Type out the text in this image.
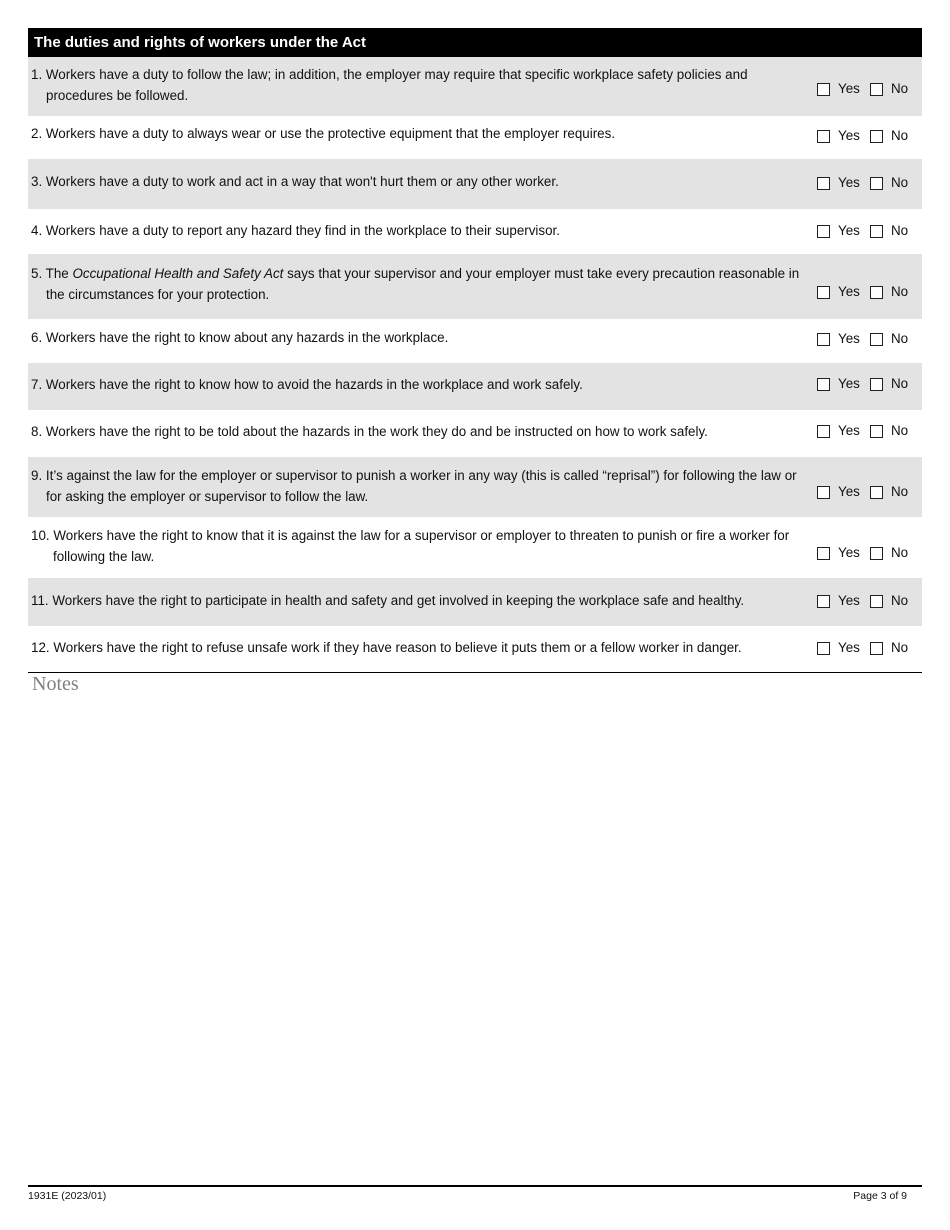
The duties and rights of workers under the Act
1. Workers have a duty to follow the law; in addition, the employer may require that specific workplace safety policies and procedures be followed.	Yes No
2. Workers have a duty to always wear or use the protective equipment that the employer requires.	Yes No
3. Workers have a duty to work and act in a way that won't hurt them or any other worker.	Yes No
4. Workers have a duty to report any hazard they find in the workplace to their supervisor.	Yes No
5. The Occupational Health and Safety Act says that your supervisor and your employer must take every precaution reasonable in the circumstances for your protection.	Yes No
6. Workers have the right to know about any hazards in the workplace.	Yes No
7. Workers have the right to know how to avoid the hazards in the workplace and work safely.	Yes No
8. Workers have the right to be told about the hazards in the work they do and be instructed on how to work safely.	Yes No
9. It’s against the law for the employer or supervisor to punish a worker in any way (this is called “reprisal”) for following the law or for asking the employer or supervisor to follow the law.	Yes No
10. Workers have the right to know that it is against the law for a supervisor or employer to threaten to punish or fire a worker for following the law.	Yes No
11. Workers have the right to participate in health and safety and get involved in keeping the workplace safe and healthy.	Yes No
12. Workers have the right to refuse unsafe work if they have reason to believe it puts them or a fellow worker in danger.	Yes No
Notes
1931E (2023/01)	Page 3 of 9
